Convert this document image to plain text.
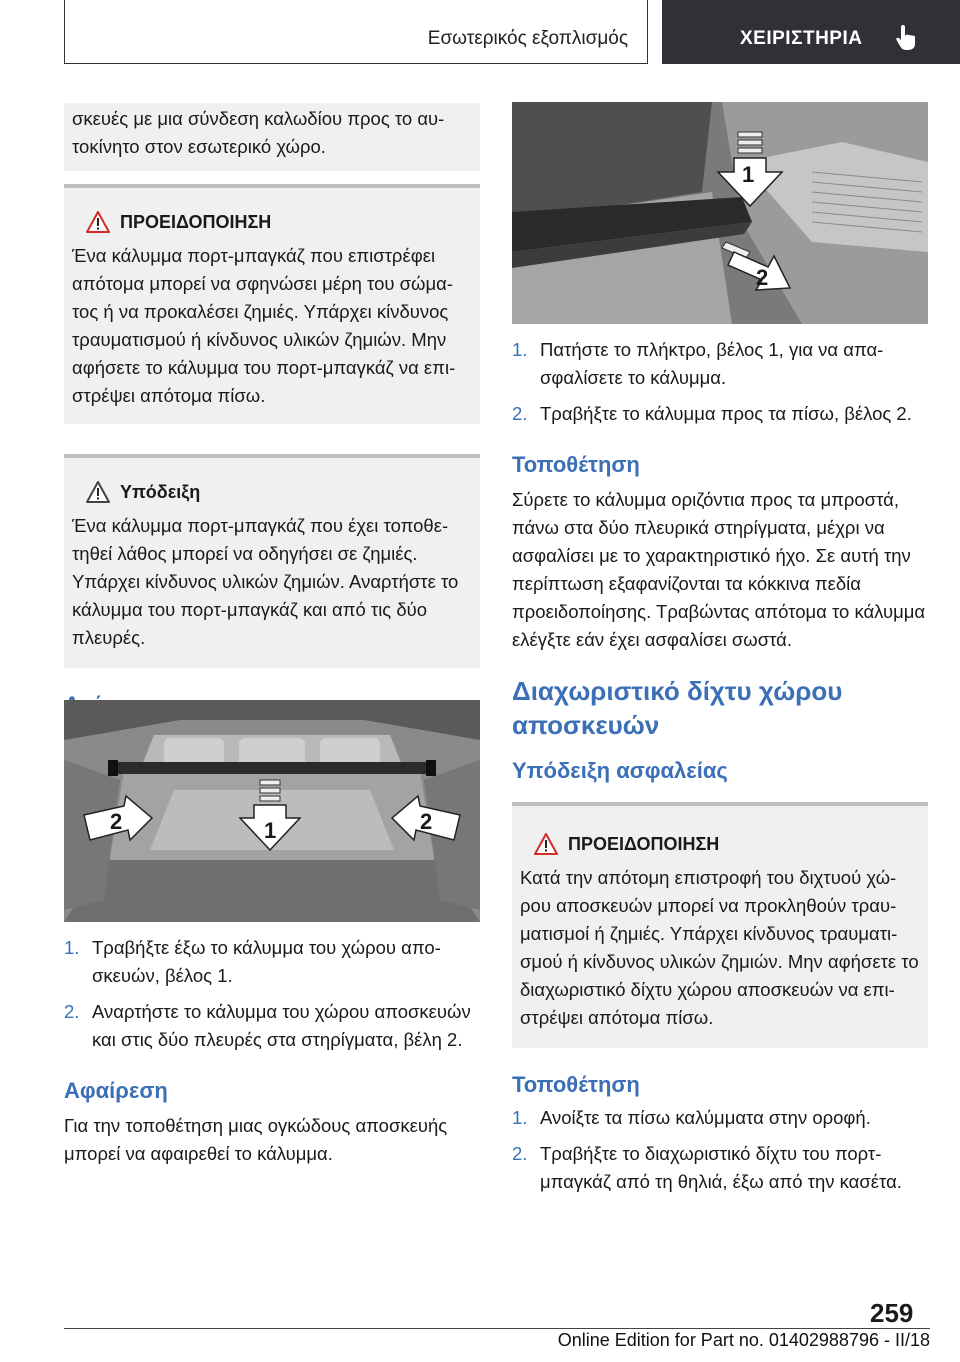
Εσωτερικός εξοπλισμός	ΧΕΙΡΙΣΤΗΡΙΑ

σκευές με μια σύνδεση καλωδίου προς το αυτοκίνητο στον εσωτερικό χώρο.

ΠΡΟΕΙΔΟΠΟΙΗΣΗ

Ένα κάλυμμα πορτ-μπαγκάζ που επιστρέφει απότομα μπορεί να σφηνώσει μέρη του σώματος ή να προκαλέσει ζημιές. Υπάρχει κίνδυνος τραυματισμού ή κίνδυνος υλικών ζημιών. Μην αφήσετε το κάλυμμα του πορτ-μπαγκάζ να επιστρέψει απότομα πίσω.

Υπόδειξη

Ένα κάλυμμα πορτ-μπαγκάζ που έχει τοποθετηθεί λάθος μπορεί να οδηγήσει σε ζημιές. Υπάρχει κίνδυνος υλικών ζημιών. Αναρτήστε το κάλυμμα του πορτ-μπαγκάζ και από τις δύο πλευρές.

2	1	2
1. Τραβήξτε έξω το κάλυμμα του χώρου αποσκευών, βέλος 1.
2. Αναρτήστε το κάλυμμα του χώρου αποσκευών και στις δύο πλευρές στα στηρίγματα, βέλη 2.
Αφαίρεση

Για την τοποθέτηση μιας ογκώδους αποσκευής μπορεί να αφαιρεθεί το κάλυμμα.

1
2
1. Πατήστε το πλήκτρο, βέλος 1, για να απασφαλίσετε το κάλυμμα.
2. Τραβήξτε το κάλυμμα προς τα πίσω, βέλος 2.
Τοποθέτηση

Σύρετε το κάλυμμα οριζόντια προς τα μπροστά, πάνω στα δύο πλευρικά στηρίγματα, μέχρι να ασφαλίσει με το χαρακτηριστικό ήχο. Σε αυτή την περίπτωση εξαφανίζονται τα κόκκινα πεδία προειδοποίησης. Τραβώντας απότομα το κάλυμμα ελέγξτε εάν έχει ασφαλίσει σωστά.

Διαχωριστικό δίχτυ χώρου αποσκευών
Υπόδειξη ασφαλείας
ΠΡΟΕΙΔΟΠΟΙΗΣΗ

Κατά την απότομη επιστροφή του διχτυού χώρου αποσκευών μπορεί να προκληθούν τραυματισμοί ή ζημιές. Υπάρχει κίνδυνος τραυματισμού ή κίνδυνος υλικών ζημιών. Μην αφήσετε το διαχωριστικό δίχτυ χώρου αποσκευών να επιστρέψει απότομα πίσω.

Τοποθέτηση
1. Ανοίξτε τα πίσω καλύμματα στην οροφή.
2. Τραβήξτε το διαχωριστικό δίχτυ του πορτ-μπαγκάζ από τη θηλιά, έξω από την κασέτα.
259
Online Edition for Part no. 01402988796 - II/18
